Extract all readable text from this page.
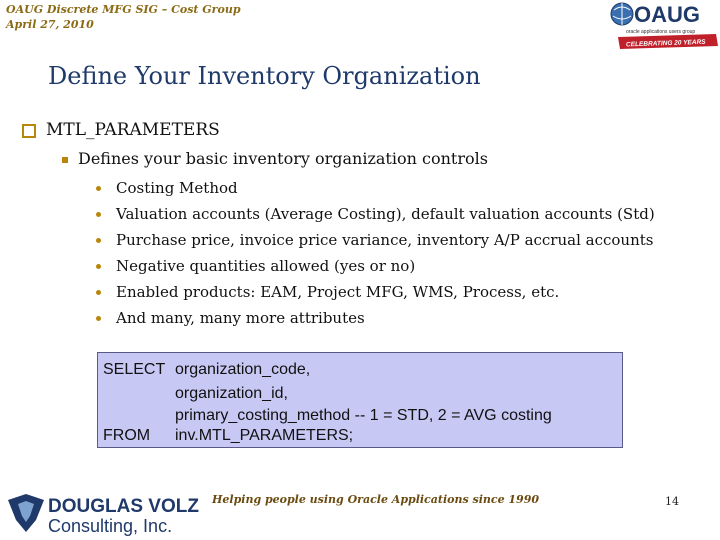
OAUG Discrete MFG SIG – Cost Group
April 27, 2010	OAUG
oracle applications users group
CELEBRATING 20 YEARS
Define Your Inventory Organization
MTL_PARAMETERS
Defines your basic inventory organization controls
Costing Method
Valuation accounts (Average Costing), default valuation accounts (Std)
Purchase price, invoice price variance, inventory A/P accrual accounts
Negative quantities allowed (yes or no)
Enabled products: EAM, Project MFG, WMS, Process, etc.
And many, many more attributes
SELECT organization_code,
organization_id,
primary_costing_method -- 1 = STD, 2 = AVG costing
FROM inv.MTL_PARAMETERS;
DOUGLAS VOLZ
Consulting, Inc.
Helping people using Oracle Applications since 1990	14
